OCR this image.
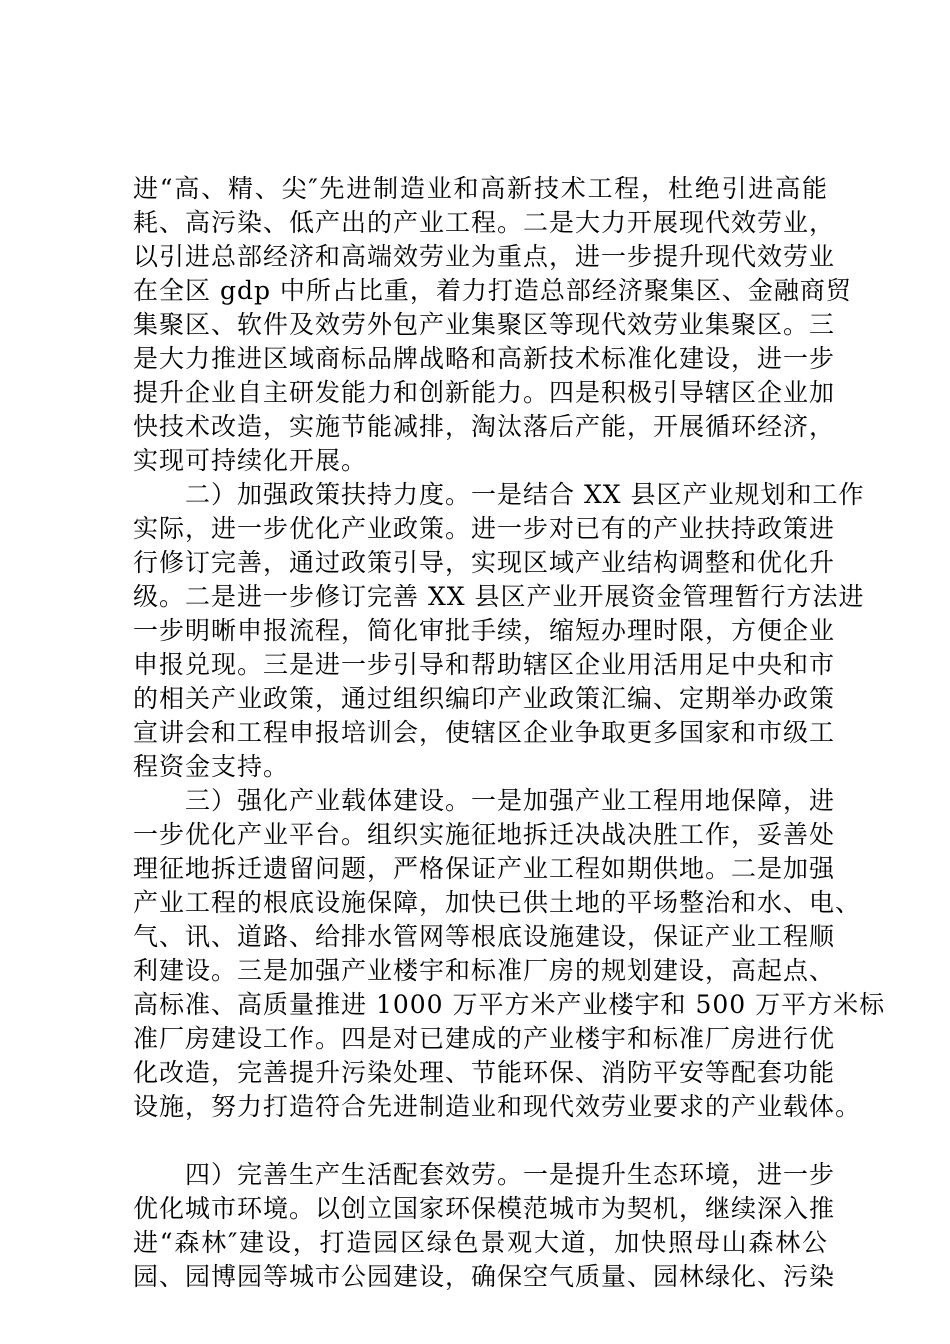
进“高、精、尖″先进制造业和高新技术工程，杜绝引进高能
耗、高污染、低产出的产业工程。二是大力开展现代效劳业，
以引进总部经济和高端效劳业为重点，进一步提升现代效劳业
在全区 gdp 中所占比重，着力打造总部经济聚集区、金融商贸
集聚区、软件及效劳外包产业集聚区等现代效劳业集聚区。三
是大力推进区域商标品牌战略和高新技术标准化建设，进一步
提升企业自主研发能力和创新能力。四是积极引导辖区企业加
快技术改造，实施节能减排，淘汰落后产能，开展循环经济，
实现可持续化开展。
　　二）加强政策扶持力度。一是结合 XX 县区产业规划和工作
实际，进一步优化产业政策。进一步对已有的产业扶持政策进
行修订完善，通过政策引导，实现区域产业结构调整和优化升
级。二是进一步修订完善 XX 县区产业开展资金管理暂行方法进
一步明晰申报流程，简化审批手续，缩短办理时限，方便企业
申报兑现。三是进一步引导和帮助辖区企业用活用足中央和市
的相关产业政策，通过组织编印产业政策汇编、定期举办政策
宣讲会和工程申报培训会，使辖区企业争取更多国家和市级工
程资金支持。
　　三）强化产业载体建设。一是加强产业工程用地保障，进
一步优化产业平台。组织实施征地拆迁决战决胜工作，妥善处
理征地拆迁遗留问题，严格保证产业工程如期供地。二是加强
产业工程的根底设施保障，加快已供土地的平场整治和水、电、
气、讯、道路、给排水管网等根底设施建设，保证产业工程顺
利建设。三是加强产业楼宇和标准厂房的规划建设，高起点、
高标准、高质量推进 1000 万平方米产业楼宇和 500 万平方米标
准厂房建设工作。四是对已建成的产业楼宇和标准厂房进行优
化改造，完善提升污染处理、节能环保、消防平安等配套功能
设施，努力打造符合先进制造业和现代效劳业要求的产业载体。
　　四）完善生产生活配套效劳。一是提升生态环境，进一步
优化城市环境。以创立国家环保模范城市为契机，继续深入推
进“森林″建设，打造园区绿色景观大道，加快照母山森林公
园、园博园等城市公园建设，确保空气质量、园林绿化、污染
